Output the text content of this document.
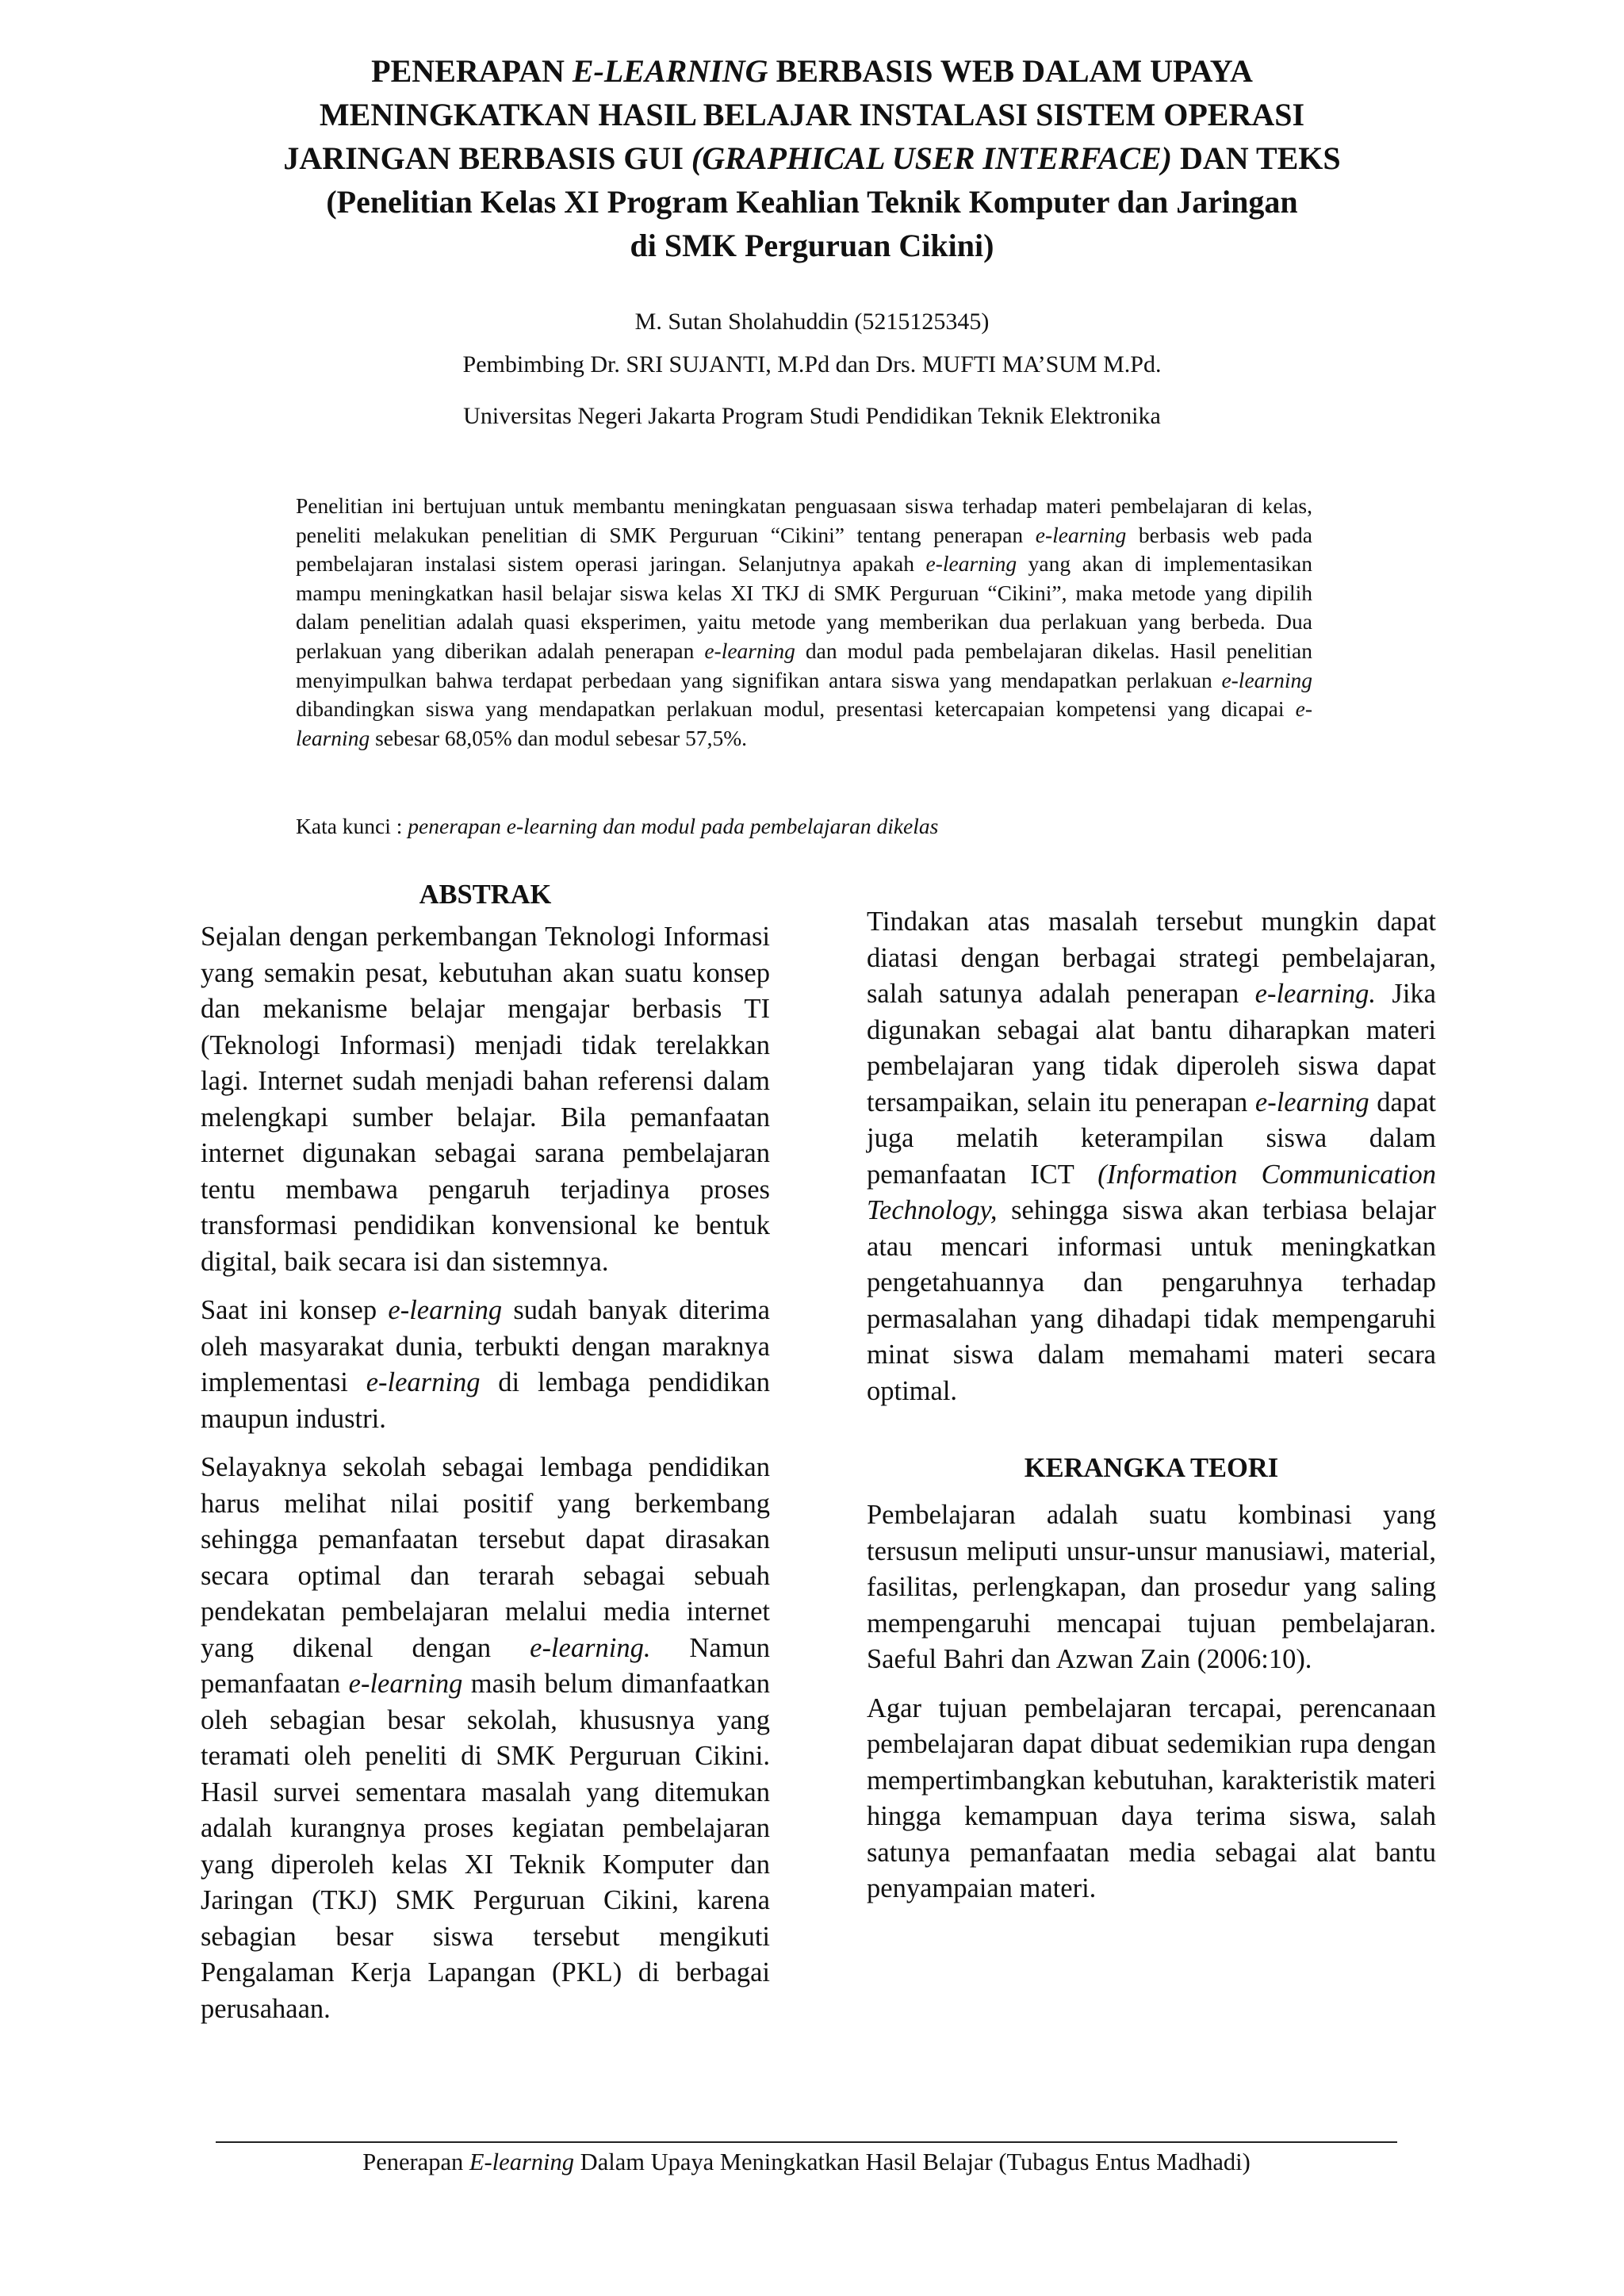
PENERAPAN E-LEARNING BERBASIS WEB DALAM UPAYA
MENINGKATKAN HASIL BELAJAR INSTALASI SISTEM OPERASI
JARINGAN BERBASIS GUI (GRAPHICAL USER INTERFACE) DAN TEKS
(Penelitian Kelas XI Program Keahlian Teknik Komputer dan Jaringan
di SMK Perguruan Cikini)
M. Sutan Sholahuddin (5215125345)
Pembimbing Dr. SRI SUJANTI, M.Pd dan Drs. MUFTI MA’SUM M.Pd.
Universitas Negeri Jakarta Program Studi Pendidikan Teknik Elektronika
Penelitian ini bertujuan untuk membantu meningkatan penguasaan siswa terhadap materi pembelajaran di kelas, peneliti melakukan penelitian di SMK Perguruan “Cikini” tentang penerapan e-learning berbasis web pada pembelajaran instalasi sistem operasi jaringan. Selanjutnya apakah e-learning yang akan di implementasikan mampu meningkatkan hasil belajar siswa kelas XI TKJ di SMK Perguruan “Cikini”, maka metode yang dipilih dalam penelitian adalah quasi eksperimen, yaitu metode yang memberikan dua perlakuan yang berbeda. Dua perlakuan yang diberikan adalah penerapan e-learning dan modul pada pembelajaran dikelas. Hasil penelitian menyimpulkan bahwa terdapat perbedaan yang signifikan antara siswa yang mendapatkan perlakuan e-learning dibandingkan siswa yang mendapatkan perlakuan modul, presentasi ketercapaian kompetensi yang dicapai e-learning sebesar 68,05% dan modul sebesar 57,5%.
Kata kunci : penerapan e-learning dan modul pada pembelajaran dikelas
ABSTRAK

Sejalan dengan perkembangan Teknologi Informasi yang semakin pesat, kebutuhan akan suatu konsep dan mekanisme belajar mengajar berbasis TI (Teknologi Informasi) menjadi tidak terelakkan lagi. Internet sudah menjadi bahan referensi dalam melengkapi sumber belajar. Bila pemanfaatan internet digunakan sebagai sarana pembelajaran tentu membawa pengaruh terjadinya proses transformasi pendidikan konvensional ke bentuk digital, baik secara isi dan sistemnya.

Saat ini konsep e-learning sudah banyak diterima oleh masyarakat dunia, terbukti dengan maraknya implementasi e-learning di lembaga pendidikan maupun industri.

Selayaknya sekolah sebagai lembaga pendidikan harus melihat nilai positif yang berkembang sehingga pemanfaatan tersebut dapat dirasakan secara optimal dan terarah sebagai sebuah pendekatan pembelajaran melalui media internet yang dikenal dengan e-learning. Namun pemanfaatan e-learning masih belum dimanfaatkan oleh sebagian besar sekolah, khususnya yang teramati oleh peneliti di SMK Perguruan Cikini. Hasil survei sementara masalah yang ditemukan adalah kurangnya proses kegiatan pembelajaran yang diperoleh kelas XI Teknik Komputer dan Jaringan (TKJ) SMK Perguruan Cikini, karena sebagian besar siswa tersebut mengikuti Pengalaman Kerja Lapangan (PKL) di berbagai perusahaan.

Tindakan atas masalah tersebut mungkin dapat diatasi dengan berbagai strategi pembelajaran, salah satunya adalah penerapan e-learning. Jika digunakan sebagai alat bantu diharapkan materi pembelajaran yang tidak diperoleh siswa dapat tersampaikan, selain itu penerapan e-learning dapat juga melatih keterampilan siswa dalam pemanfaatan ICT (Information Communication Technology, sehingga siswa akan terbiasa belajar atau mencari informasi untuk meningkatkan pengetahuannya dan pengaruhnya terhadap permasalahan yang dihadapi tidak mempengaruhi minat siswa dalam memahami materi secara optimal.

KERANGKA TEORI

Pembelajaran adalah suatu kombinasi yang tersusun meliputi unsur-unsur manusiawi, material, fasilitas, perlengkapan, dan prosedur yang saling mempengaruhi mencapai tujuan pembelajaran. Saeful Bahri dan Azwan Zain (2006:10).

Agar tujuan pembelajaran tercapai, perencanaan pembelajaran dapat dibuat sedemikian rupa dengan mempertimbangkan kebutuhan, karakteristik materi hingga kemampuan daya terima siswa, salah satunya pemanfaatan media sebagai alat bantu penyampaian materi.

Penerapan E-learning Dalam Upaya Meningkatkan Hasil Belajar (Tubagus Entus Madhadi)
